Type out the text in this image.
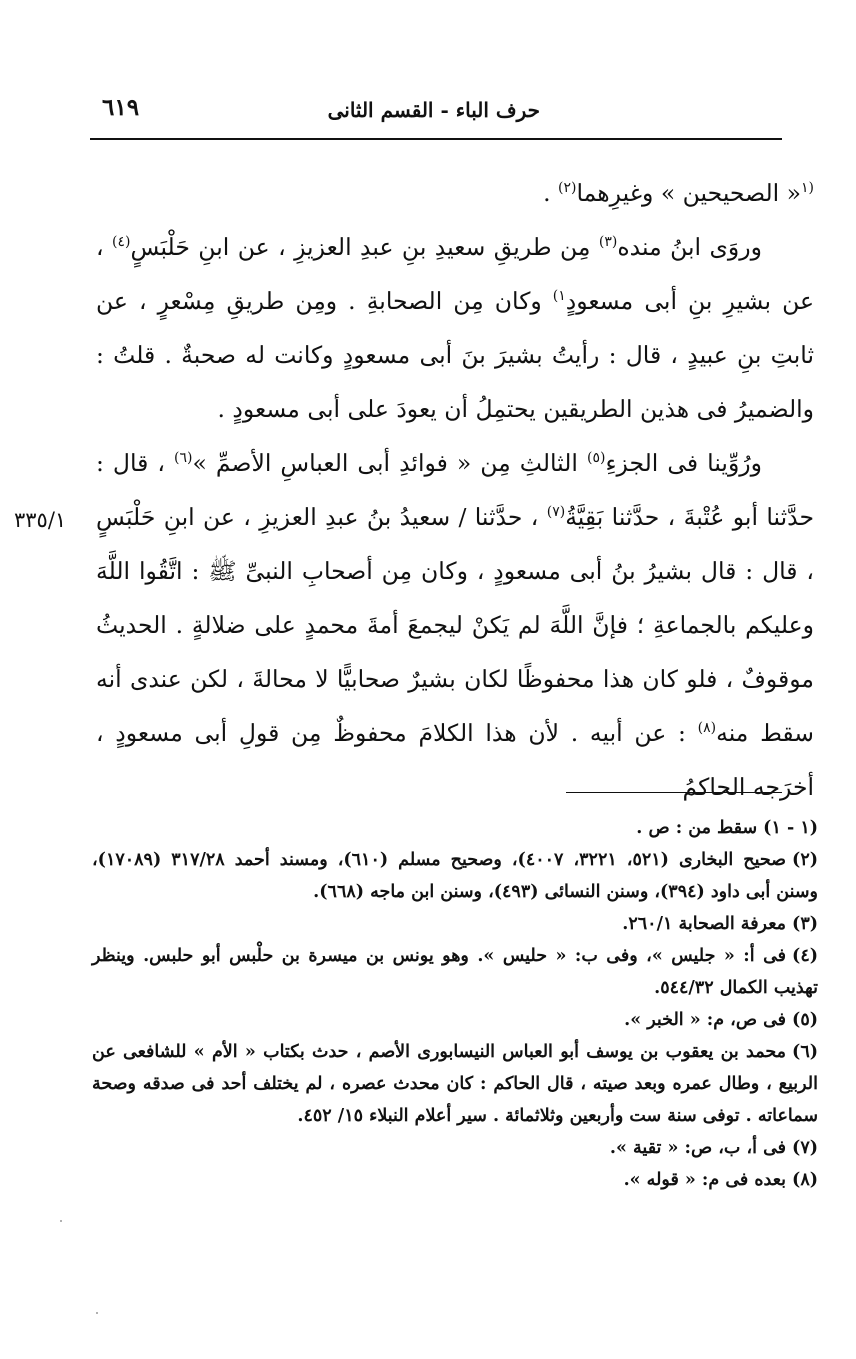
٦١٩	حرف الباء - القسم الثانى
٣٣٥/١

$^{(١}$« الصحيحين » وغيرِهما$^{(٢)}$ .

وروَى ابنُ منده$^{(٣)}$ مِن طريقِ سعيدِ بنِ عبدِ العزيزِ ، عن ابنِ حَلْبَسٍ$^{(٤)}$ ، عن بشيرِ بنِ أبى مسعودٍ$^{١)}$ وكان مِن الصحابةِ . ومِن طريقِ مِسْعرٍ ، عن ثابتِ بنِ عبيدٍ ، قال : رأيتُ بشيرَ بنَ أبى مسعودٍ وكانت له صحبةٌ . قلتُ : والضميرُ فى هذين الطريقين يحتمِلُ أن يعودَ على أبى مسعودٍ .

ورُوِّينا فى الجزءِ$^{(٥)}$ الثالثِ مِن « فوائدِ أبى العباسِ الأصمِّ »$^{(٦)}$ ، قال : حدَّثنا أبو عُتْبةَ ، حدَّثنا بَقِيَّةُ$^{(٧)}$ ، حدَّثنا / سعيدُ بنُ عبدِ العزيزِ ، عن ابنِ حَلْبَسٍ ، قال : قال بشيرُ بنُ أبى مسعودٍ ، وكان مِن أصحابِ النبىِّ ﷺ : اتَّقُوا اللَّهَ وعليكم بالجماعةِ ؛ فإنَّ اللَّهَ لم يَكنْ ليجمعَ أمةَ محمدٍ على ضلالةٍ . الحديثُ موقوفٌ ، فلو كان هذا محفوظًا لكان بشيرٌ صحابيًّا لا محالةَ ، لكن عندى أنه سقط منه$^{(٨)}$ : عن أبيه . لأن هذا الكلامَ محفوظٌ مِن قولِ أبى مسعودٍ ، أخرَجه الحاكمُ

(١ - ١)سقط من : ص .

(٢)صحيح البخارى (٥٢١، ٣٢٢١، ٤٠٠٧)، وصحيح مسلم (٦١٠)، ومسند أحمد ٣١٧/٢٨ (١٧٠٨٩)، وسنن أبى داود (٣٩٤)، وسنن النسائى (٤٩٣)، وسنن ابن ماجه (٦٦٨).

(٣)معرفة الصحابة ٢٦٠/١.

(٤)فى أ: « جليس »، وفى ب: « حليس ». وهو يونس بن ميسرة بن حلْبس أبو حلبس. وينظر تهذيب الكمال ٥٤٤/٣٢.

(٥)فى ص، م: « الخبر ».

(٦)محمد بن يعقوب بن يوسف أبو العباس النيسابورى الأصم ، حدث بكتاب « الأم » للشافعى عن الربيع ، وطال عمره وبعد صيته ، قال الحاكم : كان محدث عصره ، لم يختلف أحد فى صدقه وصحة سماعاته . توفى سنة ست وأربعين وثلاثمائة . سير أعلام النبلاء ١٥/ ٤٥٢.

(٧)فى أ، ب، ص: « تقية ».

(٨)بعده فى م: « قوله ».
